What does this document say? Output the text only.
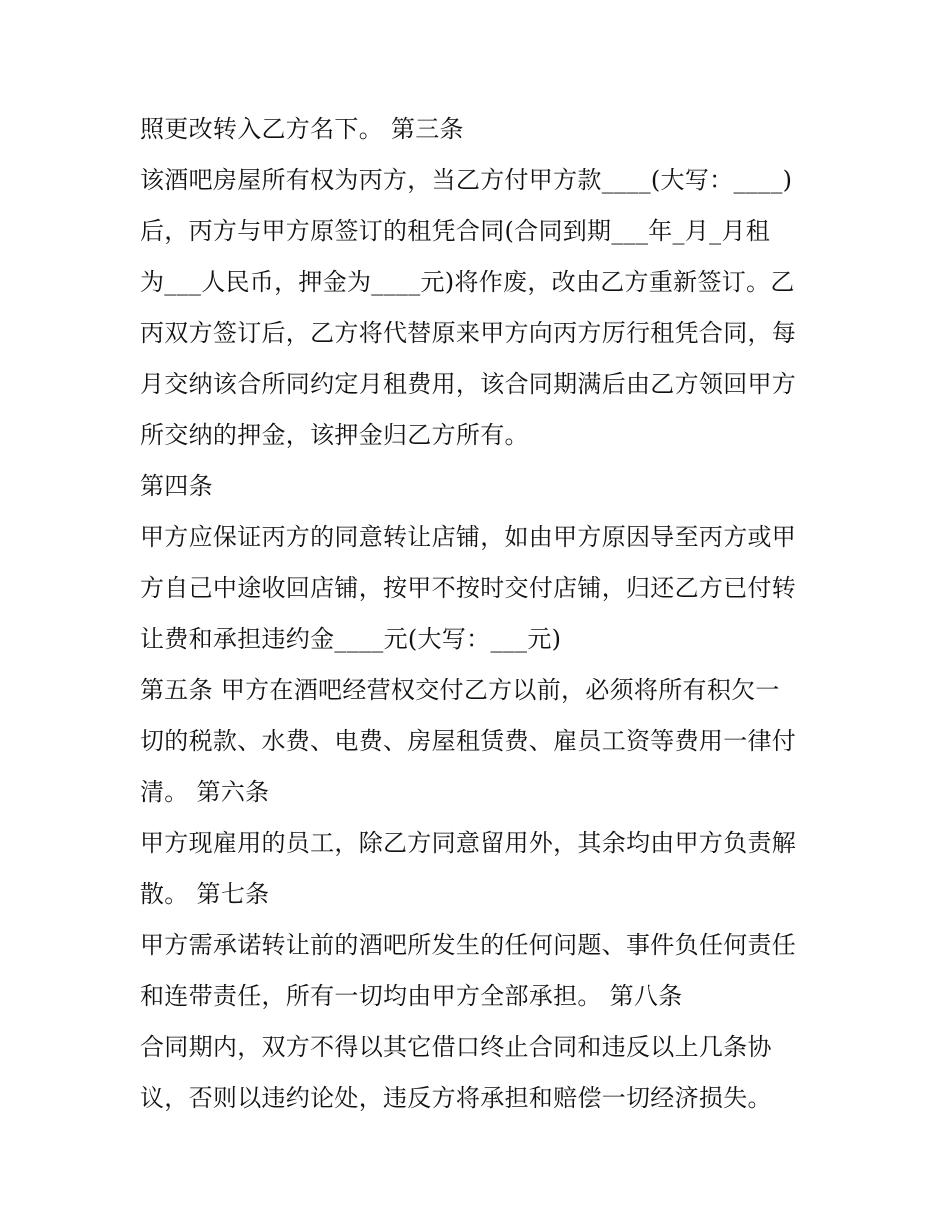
照更改转入乙方名下。 第三条
该酒吧房屋所有权为丙方，当乙方付甲方款____(大写：____)
后，丙方与甲方原签订的租凭合同(合同到期___年_月_月租
为___人民币，押金为____元)将作废，改由乙方重新签订。乙
丙双方签订后，乙方将代替原来甲方向丙方厉行租凭合同，每
月交纳该合所同约定月租费用，该合同期满后由乙方领回甲方
所交纳的押金，该押金归乙方所有。
第四条
甲方应保证丙方的同意转让店铺，如由甲方原因导至丙方或甲
方自己中途收回店铺，按甲不按时交付店铺，归还乙方已付转
让费和承担违约金____元(大写：___元)
第五条 甲方在酒吧经营权交付乙方以前，必须将所有积欠一
切的税款、水费、电费、房屋租赁费、雇员工资等费用一律付
清。 第六条
甲方现雇用的员工，除乙方同意留用外，其余均由甲方负责解
散。 第七条
甲方需承诺转让前的酒吧所发生的任何问题、事件负任何责任
和连带责任，所有一切均由甲方全部承担。 第八条
合同期内，双方不得以其它借口终止合同和违反以上几条协
议，否则以违约论处，违反方将承担和赔偿一切经济损失。
